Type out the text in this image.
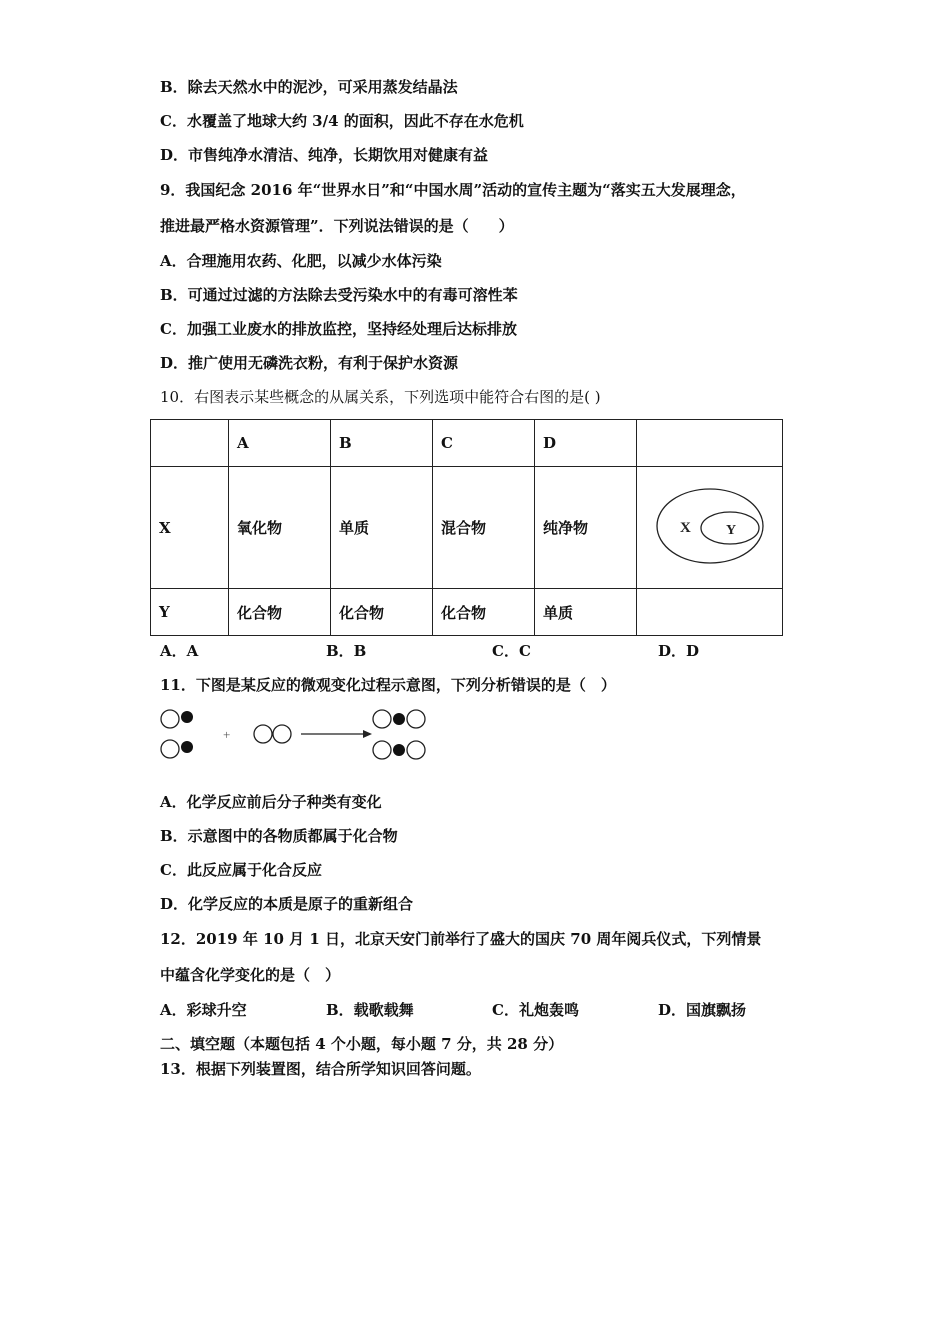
B．除去天然水中的泥沙，可采用蒸发结晶法

C．水覆盖了地球大约 3/4 的面积，因此不存在水危机

D．市售纯净水清洁、纯净，长期饮用对健康有益

9．我国纪念 2016 年“世界水日”和“中国水周”活动的宣传主题为“落实五大发展理念，

推进最严格水资源管理”．下列说法错误的是（　　）

A．合理施用农药、化肥，以减少水体污染

B．可通过过滤的方法除去受污染水中的有毒可溶性苯

C．加强工业废水的排放监控，坚持经处理后达标排放

D．推广使用无磷洗衣粉，有利于保护水资源

10．右图表示某些概念的从属关系，下列选项中能符合右图的是( )

	A	B	C	D	
X	氧化物	单质	混合物	纯净物	X Y

Y	化合物	化合物	化合物	单质	
A．A	B．B	C．C	D．D

11．下图是某反应的微观变化过程示意图，下列分析错误的是（　）

+

A．化学反应前后分子种类有变化

B．示意图中的各物质都属于化合物

C．此反应属于化合反应

D．化学反应的本质是原子的重新组合

12．2019 年 10 月 1 日，北京天安门前举行了盛大的国庆 70 周年阅兵仪式，下列情景

中蕴含化学变化的是（　）

A．彩球升空	B．载歌载舞	C．礼炮轰鸣	D．国旗飘扬

二、填空题（本题包括 4 个小题，每小题 7 分，共 28 分）

13．根据下列装置图，结合所学知识回答问题。
